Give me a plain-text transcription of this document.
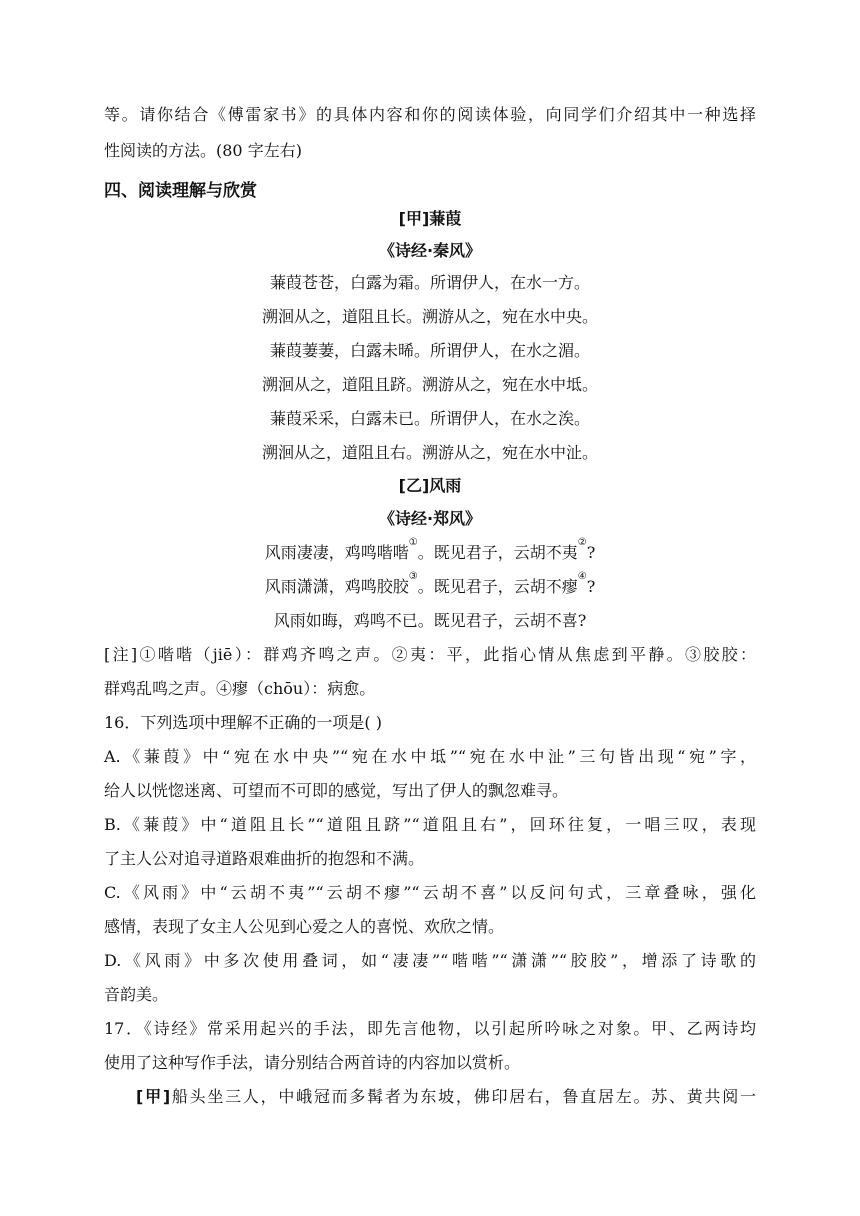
等。请你结合《傅雷家书》的具体内容和你的阅读体验，向同学们介绍其中一种选择
性阅读的方法。(80 字左右)
四、阅读理解与欣赏
[甲]蒹葭
《诗经·秦风》
蒹葭苍苍，白露为霜。所谓伊人，在水一方。
溯洄从之，道阻且长。溯游从之，宛在水中央。
蒹葭萋萋，白露未晞。所谓伊人，在水之湄。
溯洄从之，道阻且跻。溯游从之，宛在水中坻。
蒹葭采采，白露未已。所谓伊人，在水之涘。
溯洄从之，道阻且右。溯游从之，宛在水中沚。
[乙]风雨
《诗经·郑风》
风雨凄凄，鸡鸣喈喈①。既见君子，云胡不夷②?
风雨潇潇，鸡鸣胶胶③。既见君子，云胡不瘳④?
风雨如晦，鸡鸣不已。既见君子，云胡不喜?
[注]①喈喈（jiē）：群鸡齐鸣之声。②夷：平，此指心情从焦虑到平静。③胶胶：
群鸡乱鸣之声。④瘳（chōu）：病愈。
16．下列选项中理解不正确的一项是( )
A.《蒹葭》中“宛在水中央”“宛在水中坻”“宛在水中沚”三句皆出现“宛”字，
给人以恍惚迷离、可望而不可即的感觉，写出了伊人的飘忽难寻。
B.《蒹葭》中“道阻且长”“道阻且跻”“道阻且右”，回环往复，一唱三叹，表现
了主人公对追寻道路艰难曲折的抱怨和不满。
C.《风雨》中“云胡不夷”“云胡不瘳”“云胡不喜”以反问句式，三章叠咏，强化
感情，表现了女主人公见到心爱之人的喜悦、欢欣之情。
D.《风雨》中多次使用叠词，如“凄凄”“喈喈”“潇潇”“胶胶”，增添了诗歌的
音韵美。
17．《诗经》常采用起兴的手法，即先言他物，以引起所吟咏之对象。甲、乙两诗均
使用了这种写作手法，请分别结合两首诗的内容加以赏析。
[甲]船头坐三人，中峨冠而多髯者为东坡，佛印居右，鲁直居左。苏、黄共阅一
